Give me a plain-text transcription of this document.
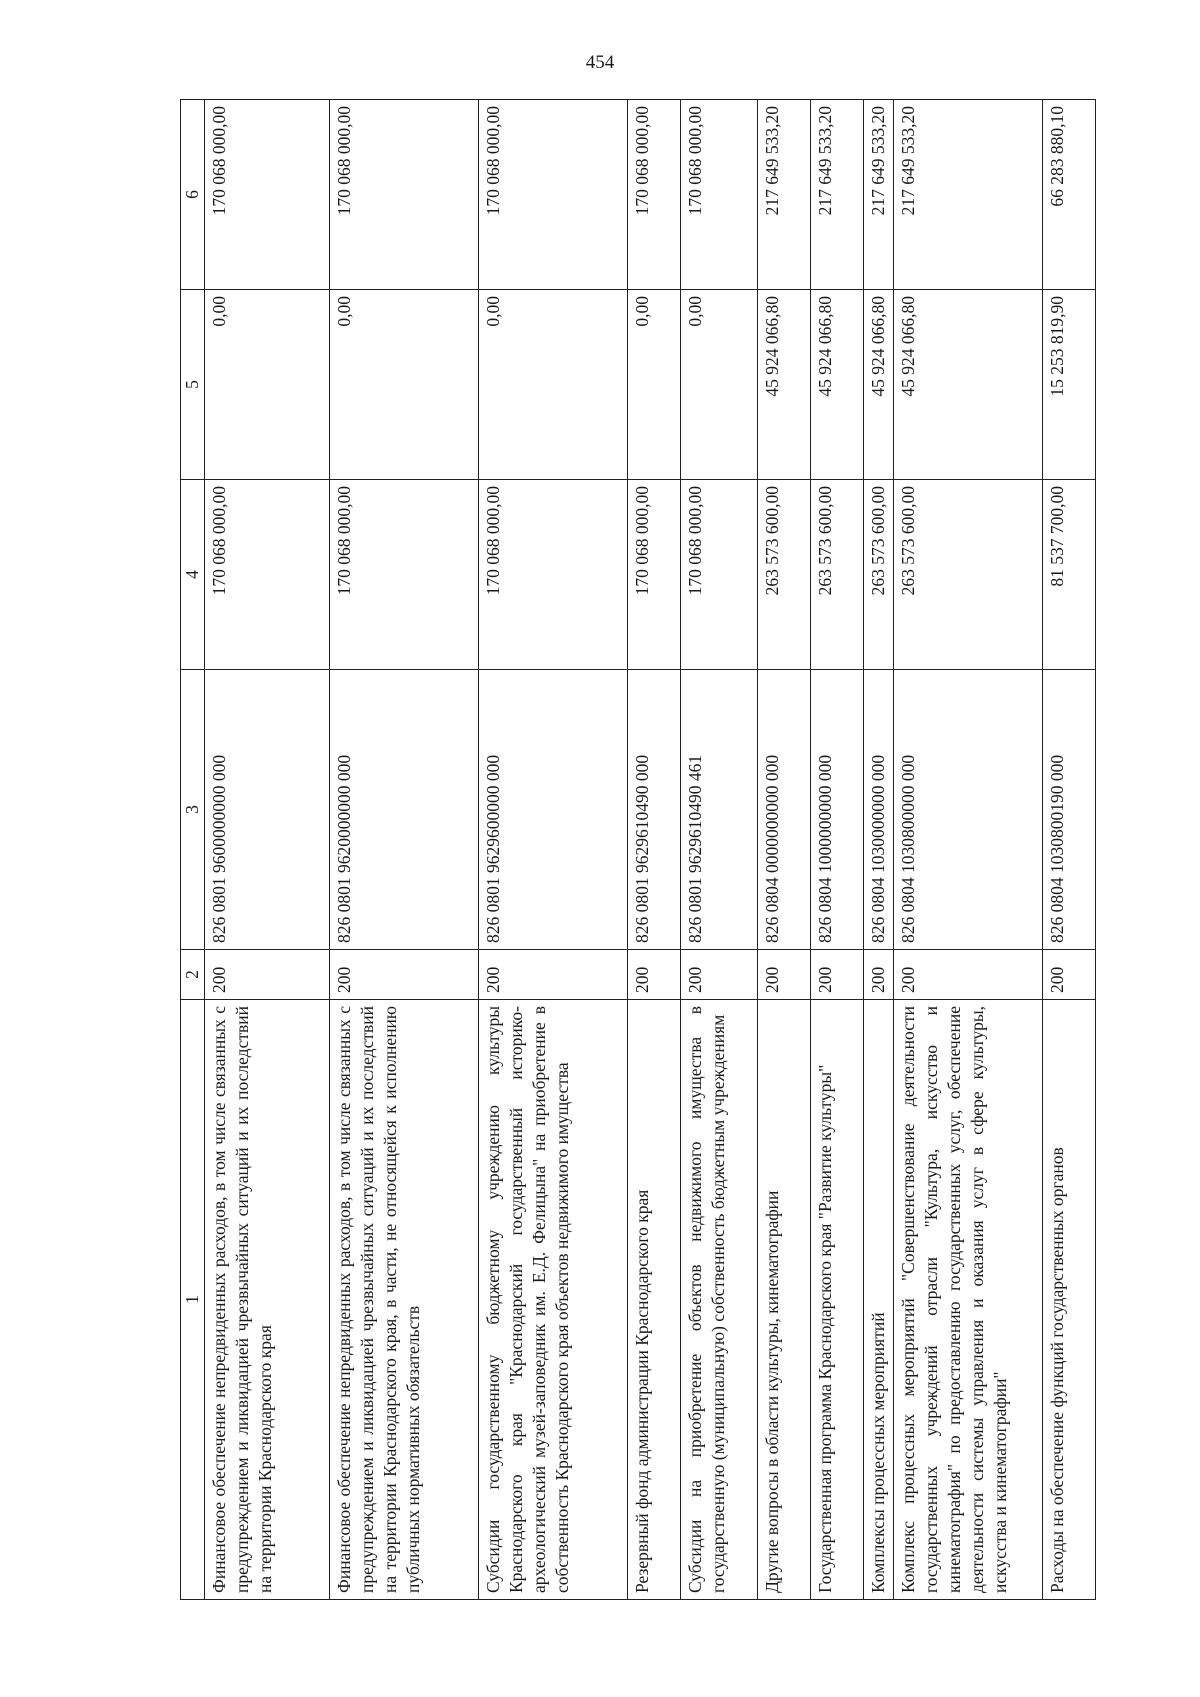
454
1	2	3	4	5	6
Финансовое обеспечение непредвиденных расходов, в том числе связанных с предупреждением и ликвидацией чрезвычайных ситуаций и их последствий на территории Краснодарского края	200	826 0801 9600000000 000	170 068 000,00	0,00	170 068 000,00
Финансовое обеспечение непредвиденных расходов, в том числе связанных с предупреждением и ликвидацией чрезвычайных ситуаций и их последствий на территории Краснодарского края, в части, не относящейся к исполнению публичных нормативных обязательств	200	826 0801 9620000000 000	170 068 000,00	0,00	170 068 000,00
Субсидии государственному бюджетному учреждению культуры Краснодарского края "Краснодарский государственный историко-археологический музей-заповедник им. Е.Д. Фелицына" на приобретение в собственность Краснодарского края объектов недвижимого имущества	200	826 0801 9629600000 000	170 068 000,00	0,00	170 068 000,00
Резервный фонд администрации Краснодарского края	200	826 0801 9629610490 000	170 068 000,00	0,00	170 068 000,00
Субсидии на приобретение объектов недвижимого имущества в государственную (муниципальную) собственность бюджетным учреждениям	200	826 0801 9629610490 461	170 068 000,00	0,00	170 068 000,00
Другие вопросы в области культуры, кинематографии	200	826 0804 0000000000 000	263 573 600,00	45 924 066,80	217 649 533,20
Государственная программа Краснодарского края "Развитие культуры"	200	826 0804 1000000000 000	263 573 600,00	45 924 066,80	217 649 533,20
Комплексы процессных мероприятий	200	826 0804 1030000000 000	263 573 600,00	45 924 066,80	217 649 533,20
Комплекс процессных мероприятий "Совершенствование деятельности государственных учреждений отрасли "Культура, искусство и кинематография" по предоставлению государственных услуг, обеспечение деятельности системы управления и оказания услуг в сфере культуры, искусства и кинематографии"	200	826 0804 1030800000 000	263 573 600,00	45 924 066,80	217 649 533,20
Расходы на обеспечение функций государственных органов	200	826 0804 1030800190 000	81 537 700,00	15 253 819,90	66 283 880,10
